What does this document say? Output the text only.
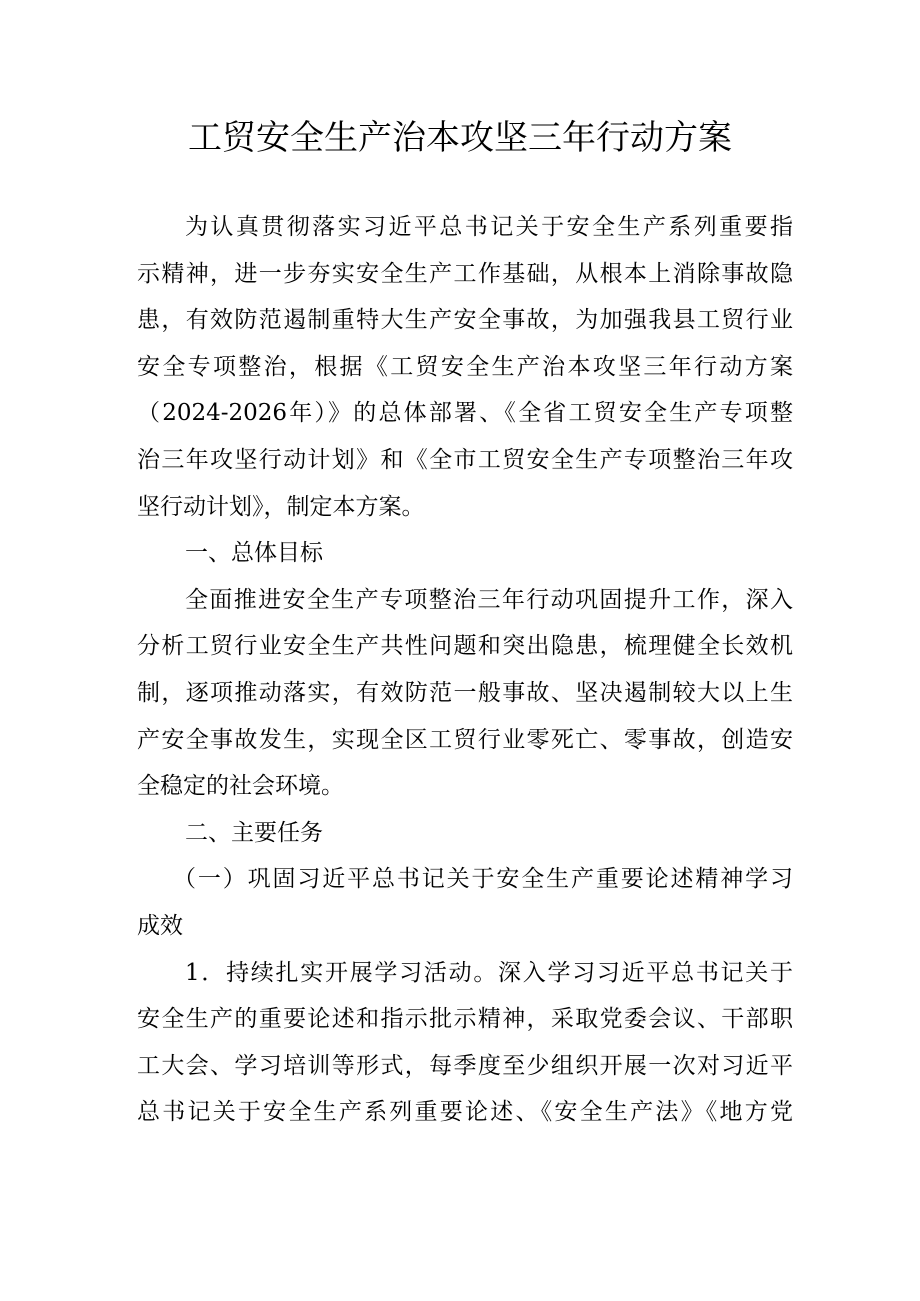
工贸安全生产治本攻坚三年行动方案
为认真贯彻落实习近平总书记关于安全生产系列重要指
示精神，进一步夯实安全生产工作基础，从根本上消除事故隐
患，有效防范遏制重特大生产安全事故，为加强我县工贸行业
安全专项整治，根据《工贸安全生产治本攻坚三年行动方案
（2024-2026年）》的总体部署、《全省工贸安全生产专项整
治三年攻坚行动计划》和《全市工贸安全生产专项整治三年攻
坚行动计划》，制定本方案。
一、总体目标
全面推进安全生产专项整治三年行动巩固提升工作，深入
分析工贸行业安全生产共性问题和突出隐患，梳理健全长效机
制，逐项推动落实，有效防范一般事故、坚决遏制较大以上生
产安全事故发生，实现全区工贸行业零死亡、零事故，创造安
全稳定的社会环境。
二、主要任务
（一）巩固习近平总书记关于安全生产重要论述精神学习
成效
1．持续扎实开展学习活动。深入学习习近平总书记关于
安全生产的重要论述和指示批示精神，采取党委会议、干部职
工大会、学习培训等形式，每季度至少组织开展一次对习近平
总书记关于安全生产系列重要论述、《安全生产法》《地方党
